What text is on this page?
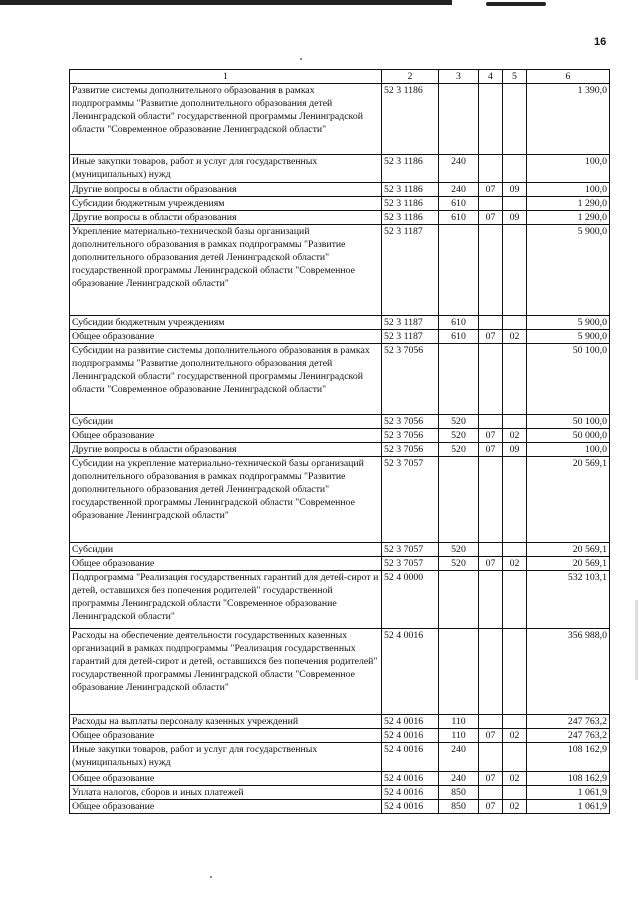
16
1	2	3	4	5	6
Развитие системы дополнительного образования в рамках подпрограммы "Развитие дополнительного образования детей Ленинградской области" государственной программы Ленинградской области "Современное образование Ленинградской области"	52 3 1186				1 390,0
Иные закупки товаров, работ и услуг для государственных (муниципальных) нужд	52 3 1186	240			100,0
Другие вопросы в области образования	52 3 1186	240	07	09	100,0
Субсидии бюджетным учреждениям	52 3 1186	610			1 290,0
Другие вопросы в области образования	52 3 1186	610	07	09	1 290,0
Укрепление материально-технической базы организаций дополнительного образования в рамках подпрограммы "Развитие дополнительного образования детей Ленинградской области" государственной программы Ленинградской области "Современное образование Ленинградской области"	52 3 1187				5 900,0
Субсидии бюджетным учреждениям	52 3 1187	610			5 900,0
Общее образование	52 3 1187	610	07	02	5 900,0
Субсидии на развитие системы дополнительного образования в рамках подпрограммы "Развитие дополнительного образования детей Ленинградской области" государственной программы Ленинградской области "Современное образование Ленинградской области"	52 3 7056				50 100,0
Субсидии	52 3 7056	520			50 100,0
Общее образование	52 3 7056	520	07	02	50 000,0
Другие вопросы в области образования	52 3 7056	520	07	09	100,0
Субсидии на укрепление материально-технической базы организаций дополнительного образования в рамках подпрограммы "Развитие дополнительного образования детей Ленинградской области" государственной программы Ленинградской области "Современное образование Ленинградской области"	52 3 7057				20 569,1
Субсидии	52 3 7057	520			20 569,1
Общее образование	52 3 7057	520	07	02	20 569,1
Подпрограмма "Реализация государственных гарантий для детей-сирот и детей, оставшихся без попечения родителей" государственной программы Ленинградской области "Современное образование Ленинградской области"	52 4 0000				532 103,1
Расходы на обеспечение деятельности государственных казенных организаций в рамках подпрограммы "Реализация государственных гарантий для детей-сирот и детей, оставшихся без попечения родителей" государственной программы Ленинградской области "Современное образование Ленинградской области"	52 4 0016				356 988,0
Расходы на выплаты персоналу казенных учреждений	52 4 0016	110			247 763,2
Общее образование	52 4 0016	110	07	02	247 763,2
Иные закупки товаров, работ и услуг для государственных (муниципальных) нужд	52 4 0016	240			108 162,9
Общее образование	52 4 0016	240	07	02	108 162,9
Уплата налогов, сборов и иных платежей	52 4 0016	850			1 061,9
Общее образование	52 4 0016	850	07	02	1 061,9
